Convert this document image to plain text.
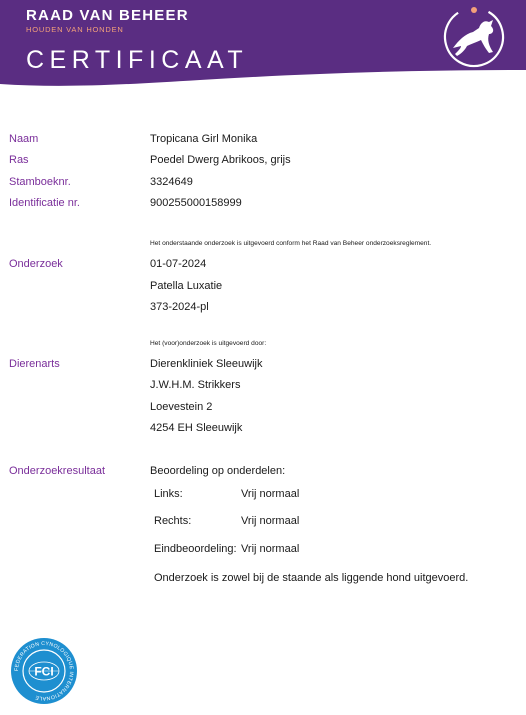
RAAD VAN BEHEER
HOUDEN VAN HONDEN
CERTIFICAAT
Naam	Tropicana Girl Monika
Ras	Poedel Dwerg Abrikoos, grijs
Stamboeknr.	3324649
Identificatie nr.	900255000158999
Het onderstaande onderzoek is uitgevoerd conform het Raad van Beheer onderzoeksreglement.
Onderzoek	01-07-2024
Patella Luxatie
373-2024-pl
Het (voor)onderzoek is uitgevoerd door:
Dierenarts	Dierenkliniek Sleeuwijk
J.W.H.M. Strikkers
Loevestein 2
4254 EH Sleeuwijk
Onderzoekresultaat	Beoordeling op onderdelen:
Links:	Vrij normaal
Rechts:	Vrij normaal
Eindbeoordeling: Vrij normaal
Onderzoek is zowel bij de staande als liggende hond uitgevoerd.
FEDERATION CYNOLOGIQUE INTERNATIONALE
FCI
